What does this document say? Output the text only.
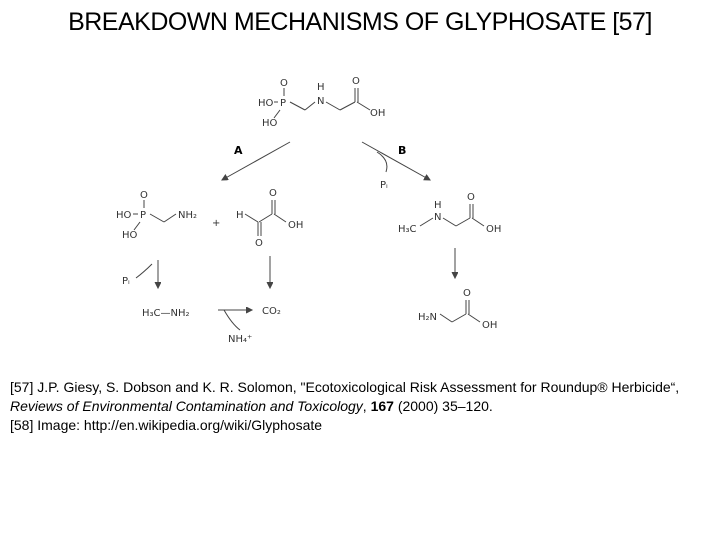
BREAKDOWN MECHANISMS OF GLYPHOSATE [57]
O
P
HO
HO
H
N
O
OH
A	B
Pᵢ
O
P
HO
HO
NH₂
+
H
O
O
OH
H
N
H₃C
O
OH
Pᵢ
H₃C—NH₂
NH₄⁺
CO₂
H₂N
O
OH

[57] J.P. Giesy, S. Dobson and K. R. Solomon, "Ecotoxicological Risk Assessment for Roundup® Herbicide“, Reviews of Environmental Contamination and Toxicology, 167 (2000) 35–120.

[58] Image: http://en.wikipedia.org/wiki/Glyphosate
